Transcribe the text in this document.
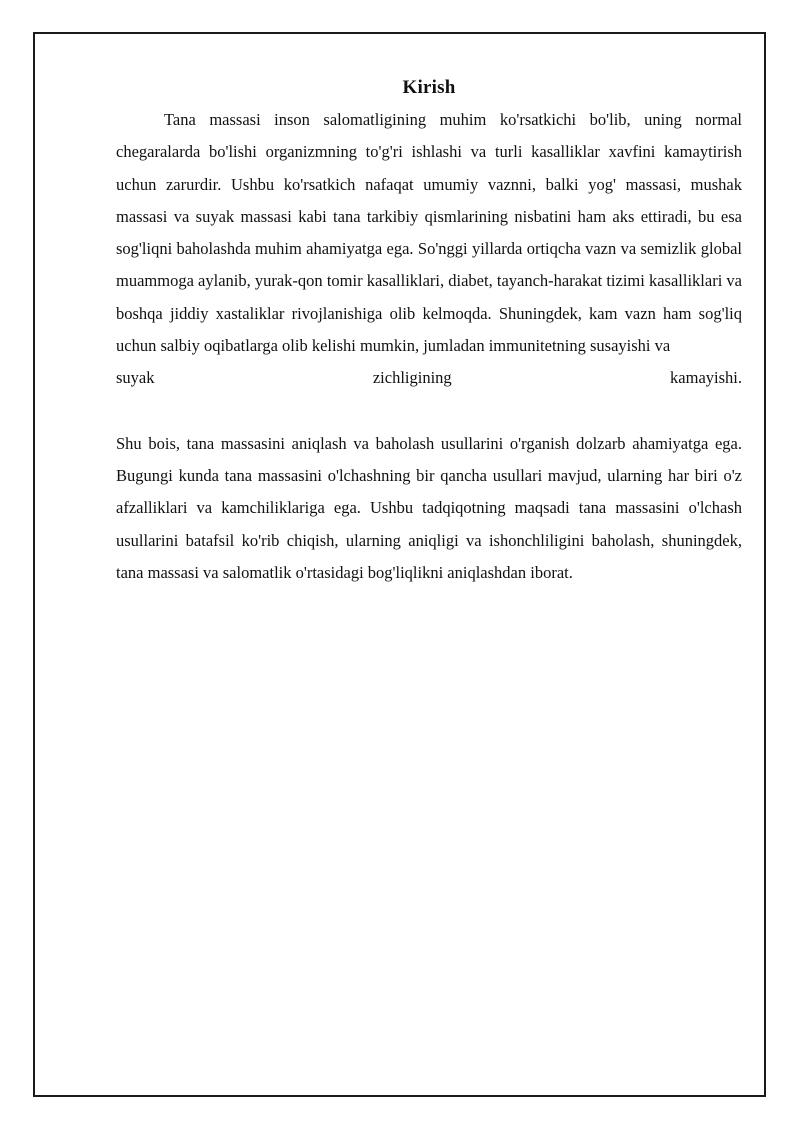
Kirish

Tana massasi inson salomatligining muhim ko'rsatkichi bo'lib, uning normal chegaralarda bo'lishi organizmning to'g'ri ishlashi va turli kasalliklar xavfini kamaytirish uchun zarurdir. Ushbu ko'rsatkich nafaqat umumiy vaznni, balki yog' massasi, mushak massasi va suyak massasi kabi tana tarkibiy qismlarining nisbatini ham aks ettiradi, bu esa sog'liqni baholashda muhim ahamiyatga ega. So'nggi yillarda ortiqcha vazn va semizlik global muammoga aylanib, yurak-qon tomir kasalliklari, diabet, tayanch-harakat tizimi kasalliklari va boshqa jiddiy xastaliklar rivojlanishiga olib kelmoqda. Shuningdek, kam vazn ham sog'liq uchun salbiy oqibatlarga olib kelishi mumkin, jumladan immunitetning susayishi va

suyak	zichligining	kamayishi.

Shu bois, tana massasini aniqlash va baholash usullarini o'rganish dolzarb ahamiyatga ega. Bugungi kunda tana massasini o'lchashning bir qancha usullari mavjud, ularning har biri o'z afzalliklari va kamchiliklariga ega. Ushbu tadqiqotning maqsadi tana massasini o'lchash usullarini batafsil ko'rib chiqish, ularning aniqligi va ishonchliligini baholash, shuningdek, tana massasi va salomatlik o'rtasidagi bog'liqlikni aniqlashdan iborat.
